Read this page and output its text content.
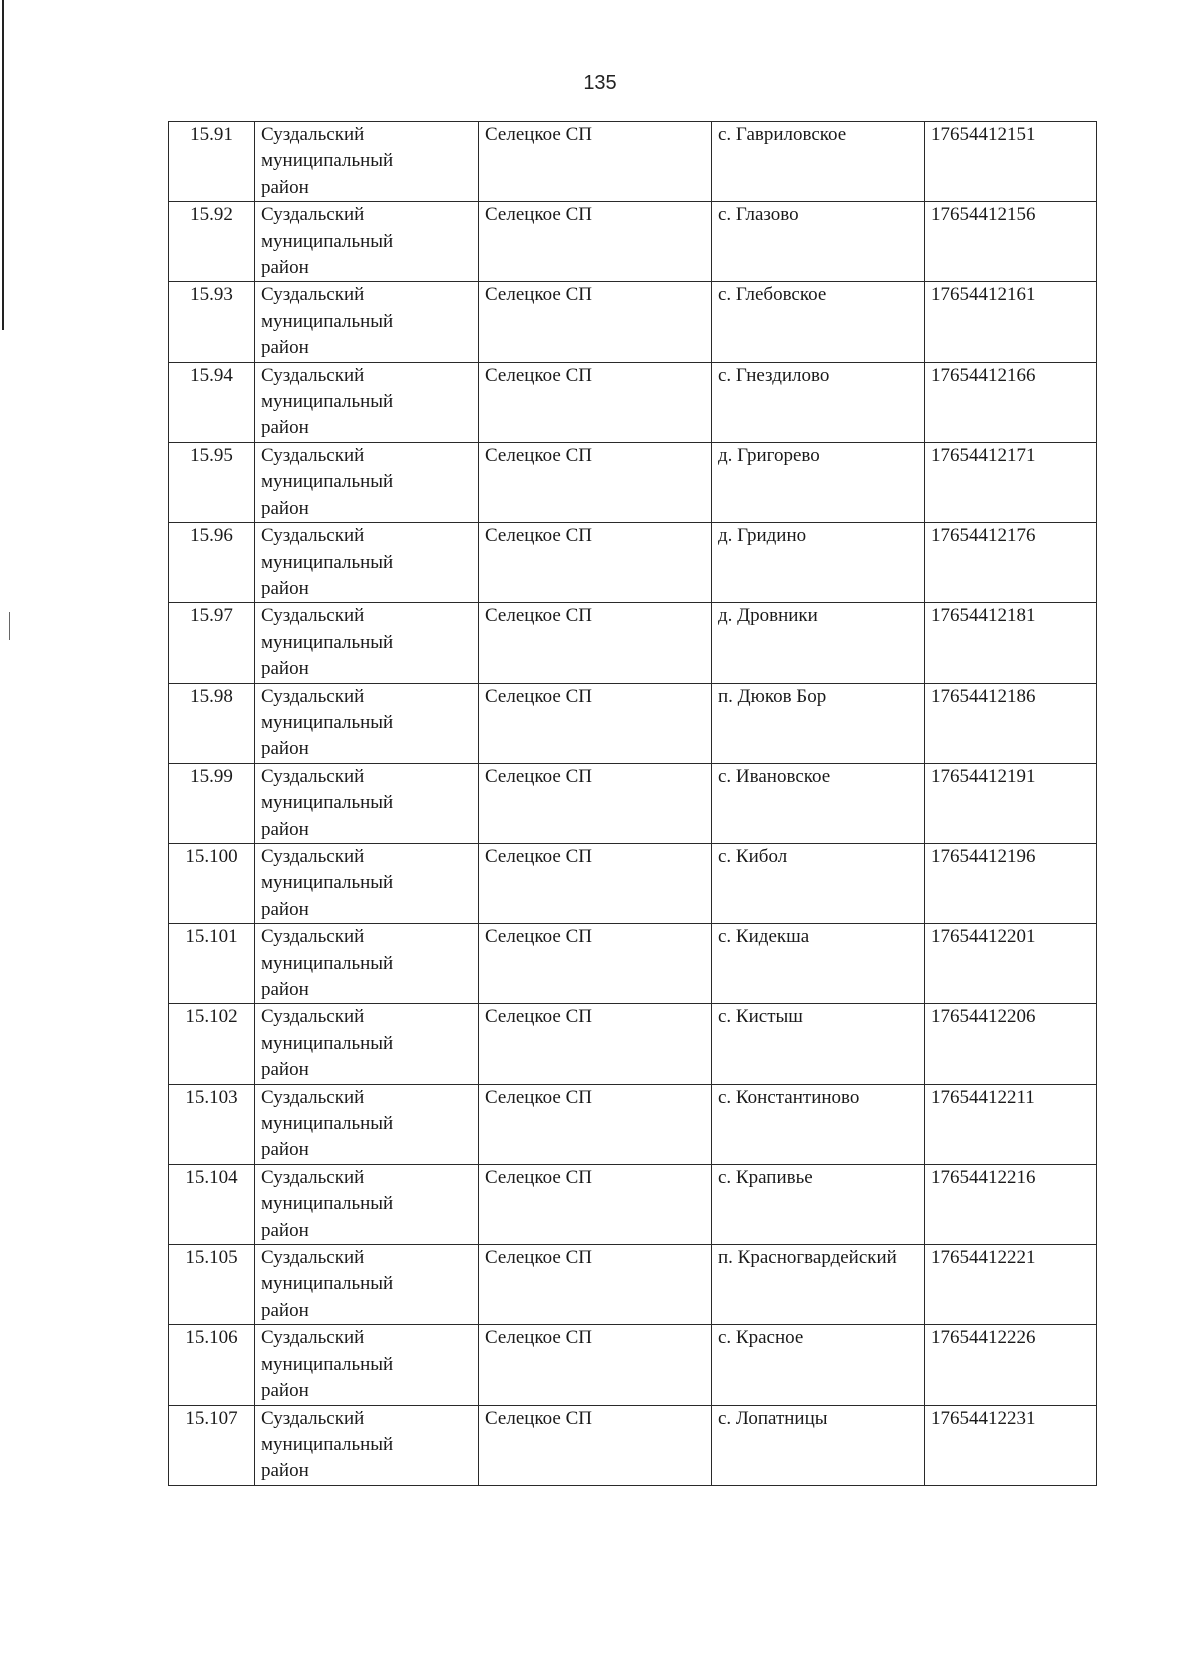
135
15.91	Суздальский
муниципальный
район	Селецкое СП	с. Гавриловское	17654412151
15.92	Суздальский
муниципальный
район	Селецкое СП	с. Глазово	17654412156
15.93	Суздальский
муниципальный
район	Селецкое СП	с. Глебовское	17654412161
15.94	Суздальский
муниципальный
район	Селецкое СП	с. Гнездилово	17654412166
15.95	Суздальский
муниципальный
район	Селецкое СП	д. Григорево	17654412171
15.96	Суздальский
муниципальный
район	Селецкое СП	д. Гридино	17654412176
15.97	Суздальский
муниципальный
район	Селецкое СП	д. Дровники	17654412181
15.98	Суздальский
муниципальный
район	Селецкое СП	п. Дюков Бор	17654412186
15.99	Суздальский
муниципальный
район	Селецкое СП	с. Ивановское	17654412191
15.100	Суздальский
муниципальный
район	Селецкое СП	с. Кибол	17654412196
15.101	Суздальский
муниципальный
район	Селецкое СП	с. Кидекша	17654412201
15.102	Суздальский
муниципальный
район	Селецкое СП	с. Кистыш	17654412206
15.103	Суздальский
муниципальный
район	Селецкое СП	с. Константиново	17654412211
15.104	Суздальский
муниципальный
район	Селецкое СП	с. Крапивье	17654412216
15.105	Суздальский
муниципальный
район	Селецкое СП	п. Красногвардейский	17654412221
15.106	Суздальский
муниципальный
район	Селецкое СП	с. Красное	17654412226
15.107	Суздальский
муниципальный
район	Селецкое СП	с. Лопатницы	17654412231
